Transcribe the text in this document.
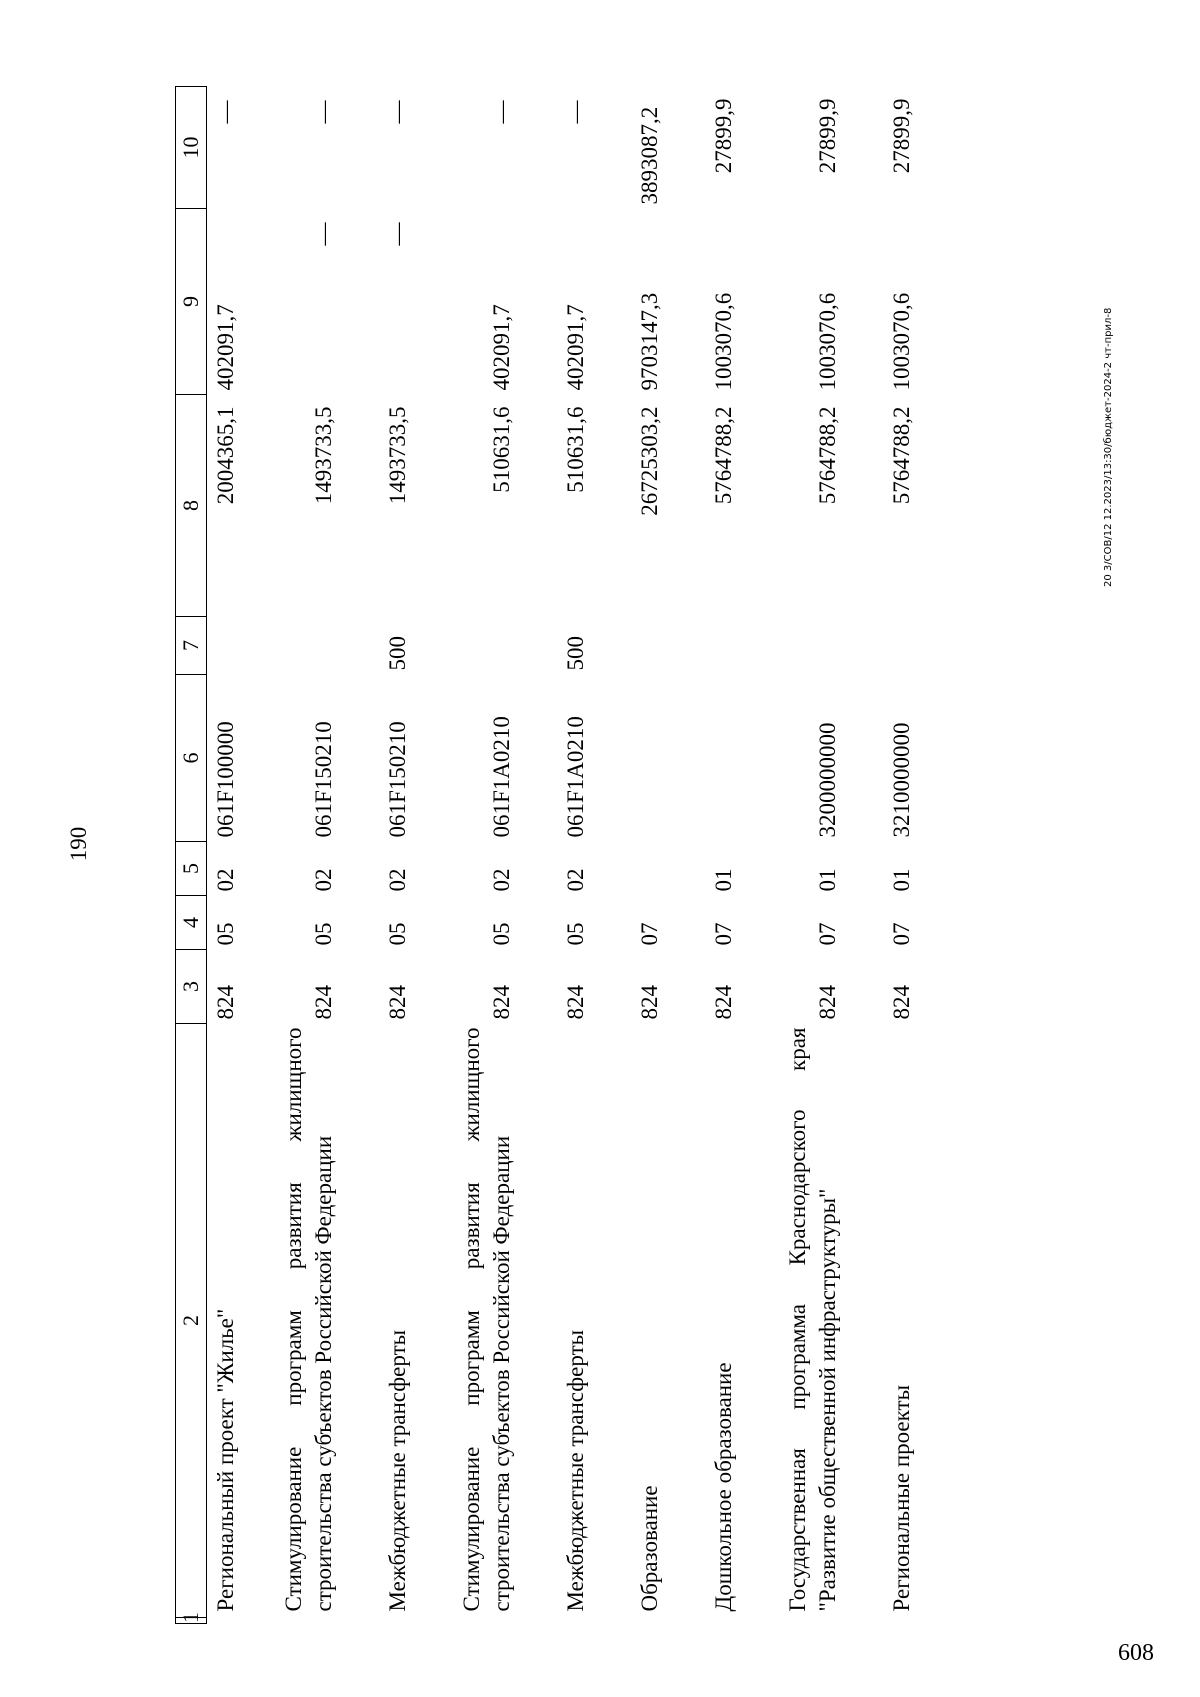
190
1	2	3	4	5	6	7	8	9	10
	Региональный проект "Жилье"	824	05	02	061F100000		2004365,1	402091,7	—

	Стимулирование программ развития жилищного строительства субъектов Российской Федерации	824	05	02	061F150210		1493733,5	—	—
	Межбюджетные трансферты	824	05	02	061F150210	500	1493733,5	—	—

	Стимулирование программ развития жилищного строительства субъектов Российской Федерации	824	05	02	061F1A0210		510631,6	402091,7	—
	Межбюджетные трансферты	824	05	02	061F1A0210	500	510631,6	402091,7	—
	Образование	824	07				26725303,2	9703147,3	3893087,2
	Дошкольное образование	824	07	01			5764788,2	1003070,6	27899,9

	Государственная программа Краснодарского края "Развитие общественной инфраструктуры"	824	07	01	3200000000		5764788,2	1003070,6	27899,9
	Региональные проекты	824	07	01	3210000000		5764788,2	1003070,6	27899,9
20 3/СОВ/12 12.2023/13:30/бюджет-2024-2 чт-прил-8
608
